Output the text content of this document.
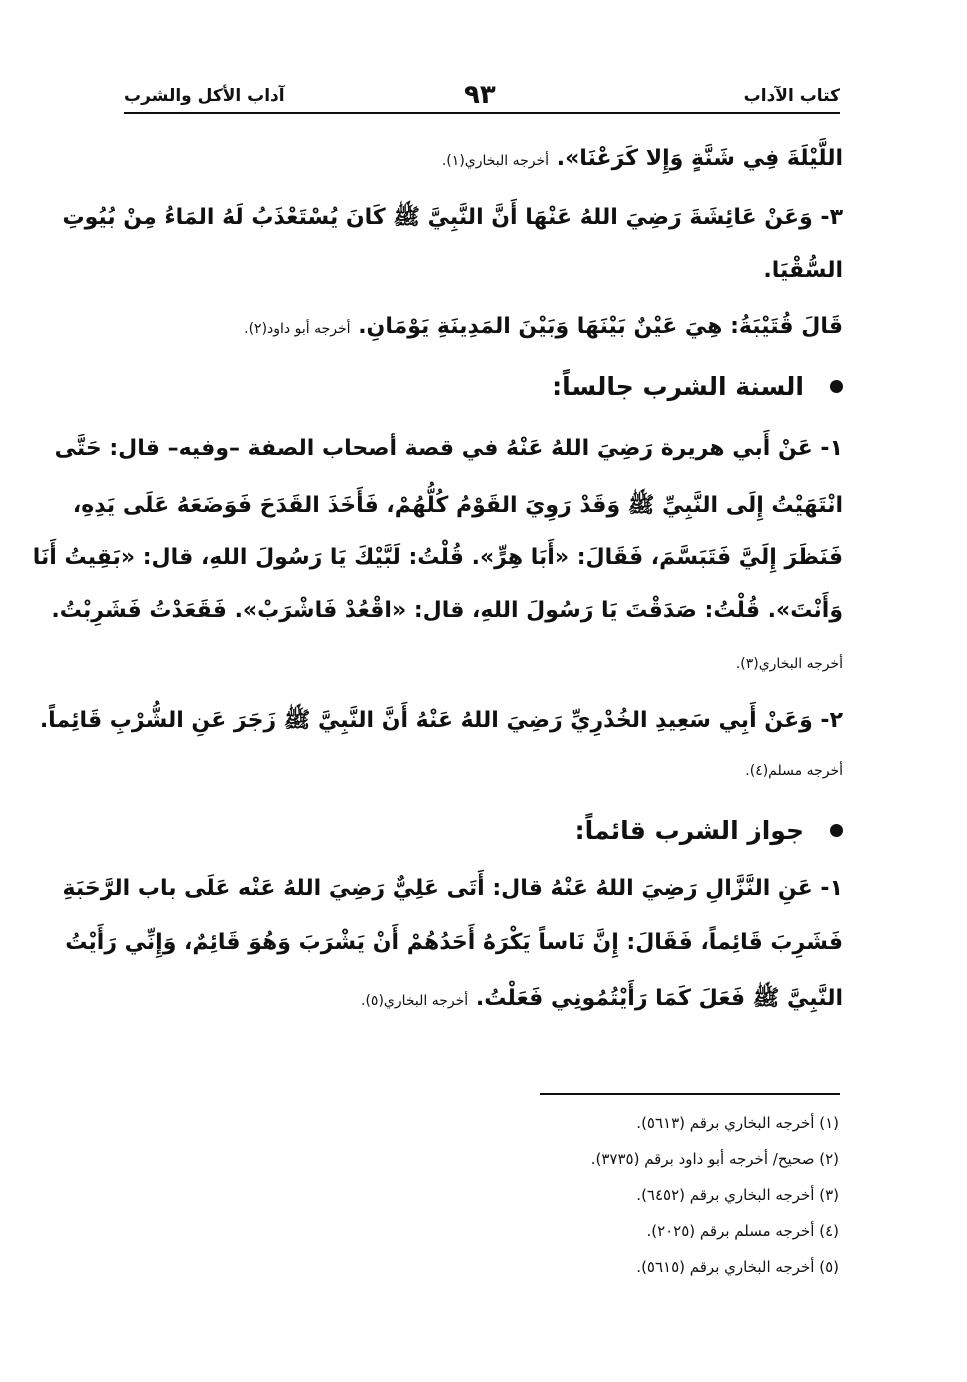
كتاب الآداب
٩٣
آداب الأكل والشرب
اللَّيْلَةَ فِي شَنَّةٍ وَإِلا كَرَعْنَا». أخرجه البخاري(١).
٣- وَعَنْ عَائِشَةَ رَضِيَ اللهُ عَنْهَا أَنَّ النَّبِيَّ ﷺ كَانَ يُسْتَعْذَبُ لَهُ المَاءُ مِنْ بُيُوتِ
السُّقْيَا.
قَالَ قُتَيْبَةُ: هِيَ عَيْنٌ بَيْنَهَا وَبَيْنَ المَدِينَةِ يَوْمَانِ. أخرجه أبو داود(٢).
السنة الشرب جالساً:
١- عَنْ أَبي هريرة رَضِيَ اللهُ عَنْهُ في قصة أصحاب الصفة –وفيه– قال: حَتَّى
انْتَهَيْتُ إِلَى النَّبِيِّ ﷺ وَقَدْ رَوِيَ القَوْمُ كُلُّهُمْ، فَأَخَذَ القَدَحَ فَوَضَعَهُ عَلَى يَدِهِ،
فَنَظَرَ إِلَيَّ فَتَبَسَّمَ، فَقَالَ: «أَبَا هِرٍّ». قُلْتُ: لَبَّيْكَ يَا رَسُولَ اللهِ، قال: «بَقِيتُ أَنَا
وَأَنْتَ». قُلْتُ: صَدَقْتَ يَا رَسُولَ اللهِ، قال: «اقْعُدْ فَاشْرَبْ». فَقَعَدْتُ فَشَرِبْتُ.
أخرجه البخاري(٣).
٢- وَعَنْ أَبِي سَعِيدِ الخُدْرِيِّ رَضِيَ اللهُ عَنْهُ أَنَّ النَّبِيَّ ﷺ زَجَرَ عَنِ الشُّرْبِ قَائِماً.
أخرجه مسلم(٤).
جواز الشرب قائماً:
١- عَنِ النَّزَّالِ رَضِيَ اللهُ عَنْهُ قال: أَتَى عَلِيٌّ رَضِيَ اللهُ عَنْه عَلَى باب الرَّحَبَةِ
فَشَرِبَ قَائِماً، فَقَالَ: إِنَّ نَاساً يَكْرَهُ أَحَدُهُمْ أَنْ يَشْرَبَ وَهُوَ قَائِمٌ، وَإِنِّي رَأَيْتُ
النَّبِيَّ ﷺ فَعَلَ كَمَا رَأَيْتُمُونِي فَعَلْتُ. أخرجه البخاري(٥).
(١) أخرجه البخاري برقم (٥٦١٣).
(٢) صحيح/ أخرجه أبو داود برقم (٣٧٣٥).
(٣) أخرجه البخاري برقم (٦٤٥٢).
(٤) أخرجه مسلم برقم (٢٠٢٥).
(٥) أخرجه البخاري برقم (٥٦١٥).
